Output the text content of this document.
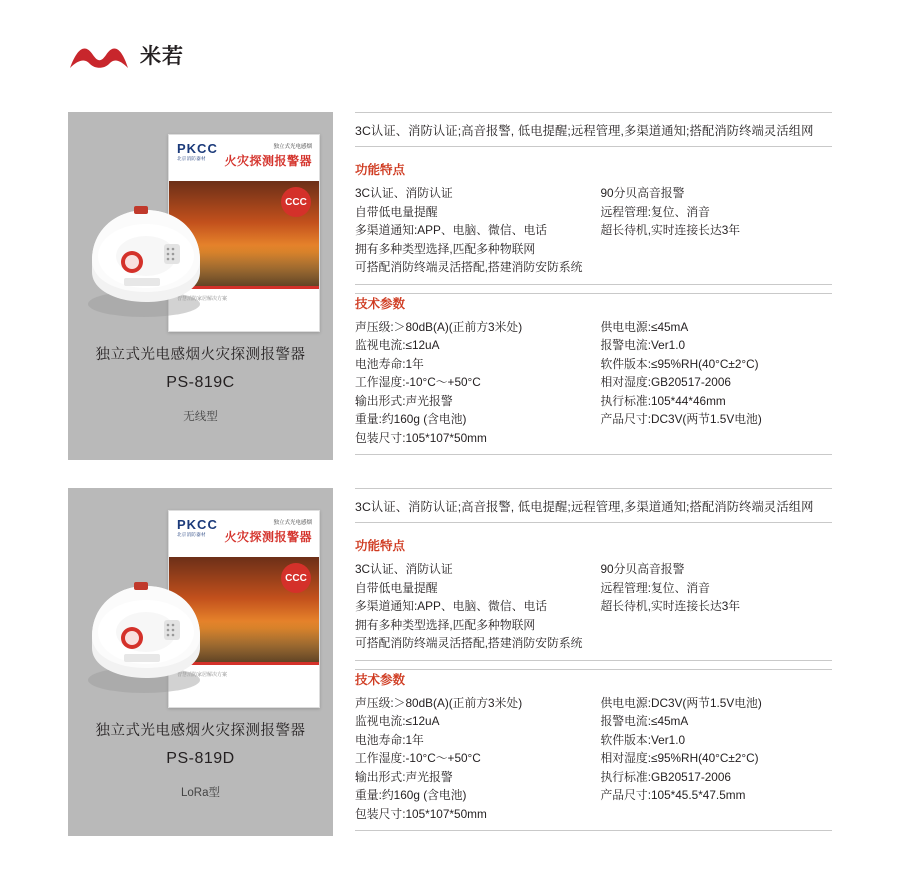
米若
PKCC
北京消防器材
独立式光电感烟
火灾探测报警器
CCC
智慧消防家居解决方案
独立式光电感烟火灾探测报警器
PS-819C
无线型
3C认证、消防认证;高音报警, 低电提醒;远程管理,多渠道通知;搭配消防终端灵活组网
功能特点
3C认证、消防认证
自带低电量提醒
多渠道通知:APP、电脑、微信、电话
拥有多种类型选择,匹配多种物联网
可搭配消防终端灵活搭配,搭建消防安防系统
90分贝高音报警
远程管理:复位、消音
超长待机,实时连接长达3年
技术参数
声压级:＞80dB(A)(正前方3米处)
监视电流:≤12uA
电池寿命:1年
工作湿度:-10°C～+50°C
输出形式:声光报警
重量:约160g (含电池)
包装尺寸:105*107*50mm
供电电源:≤45mA
报警电流:Ver1.0
软件版本:≤95%RH(40°C±2°C)
相对湿度:GB20517-2006
执行标准:105*44*46mm
产品尺寸:DC3V(两节1.5V电池)
PKCC
北京消防器材
独立式光电感烟
火灾探测报警器
CCC
智慧消防家居解决方案
独立式光电感烟火灾探测报警器
PS-819D
LoRa型
3C认证、消防认证;高音报警, 低电提醒;远程管理,多渠道通知;搭配消防终端灵活组网
功能特点
3C认证、消防认证
自带低电量提醒
多渠道通知:APP、电脑、微信、电话
拥有多种类型选择,匹配多种物联网
可搭配消防终端灵活搭配,搭建消防安防系统
90分贝高音报警
远程管理:复位、消音
超长待机,实时连接长达3年
技术参数
声压级:＞80dB(A)(正前方3米处)
监视电流:≤12uA
电池寿命:1年
工作湿度:-10°C～+50°C
输出形式:声光报警
重量:约160g (含电池)
包装尺寸:105*107*50mm
供电电源:DC3V(两节1.5V电池)
报警电流:≤45mA
软件版本:Ver1.0
相对湿度:≤95%RH(40°C±2°C)
执行标准:GB20517-2006
产品尺寸:105*45.5*47.5mm
